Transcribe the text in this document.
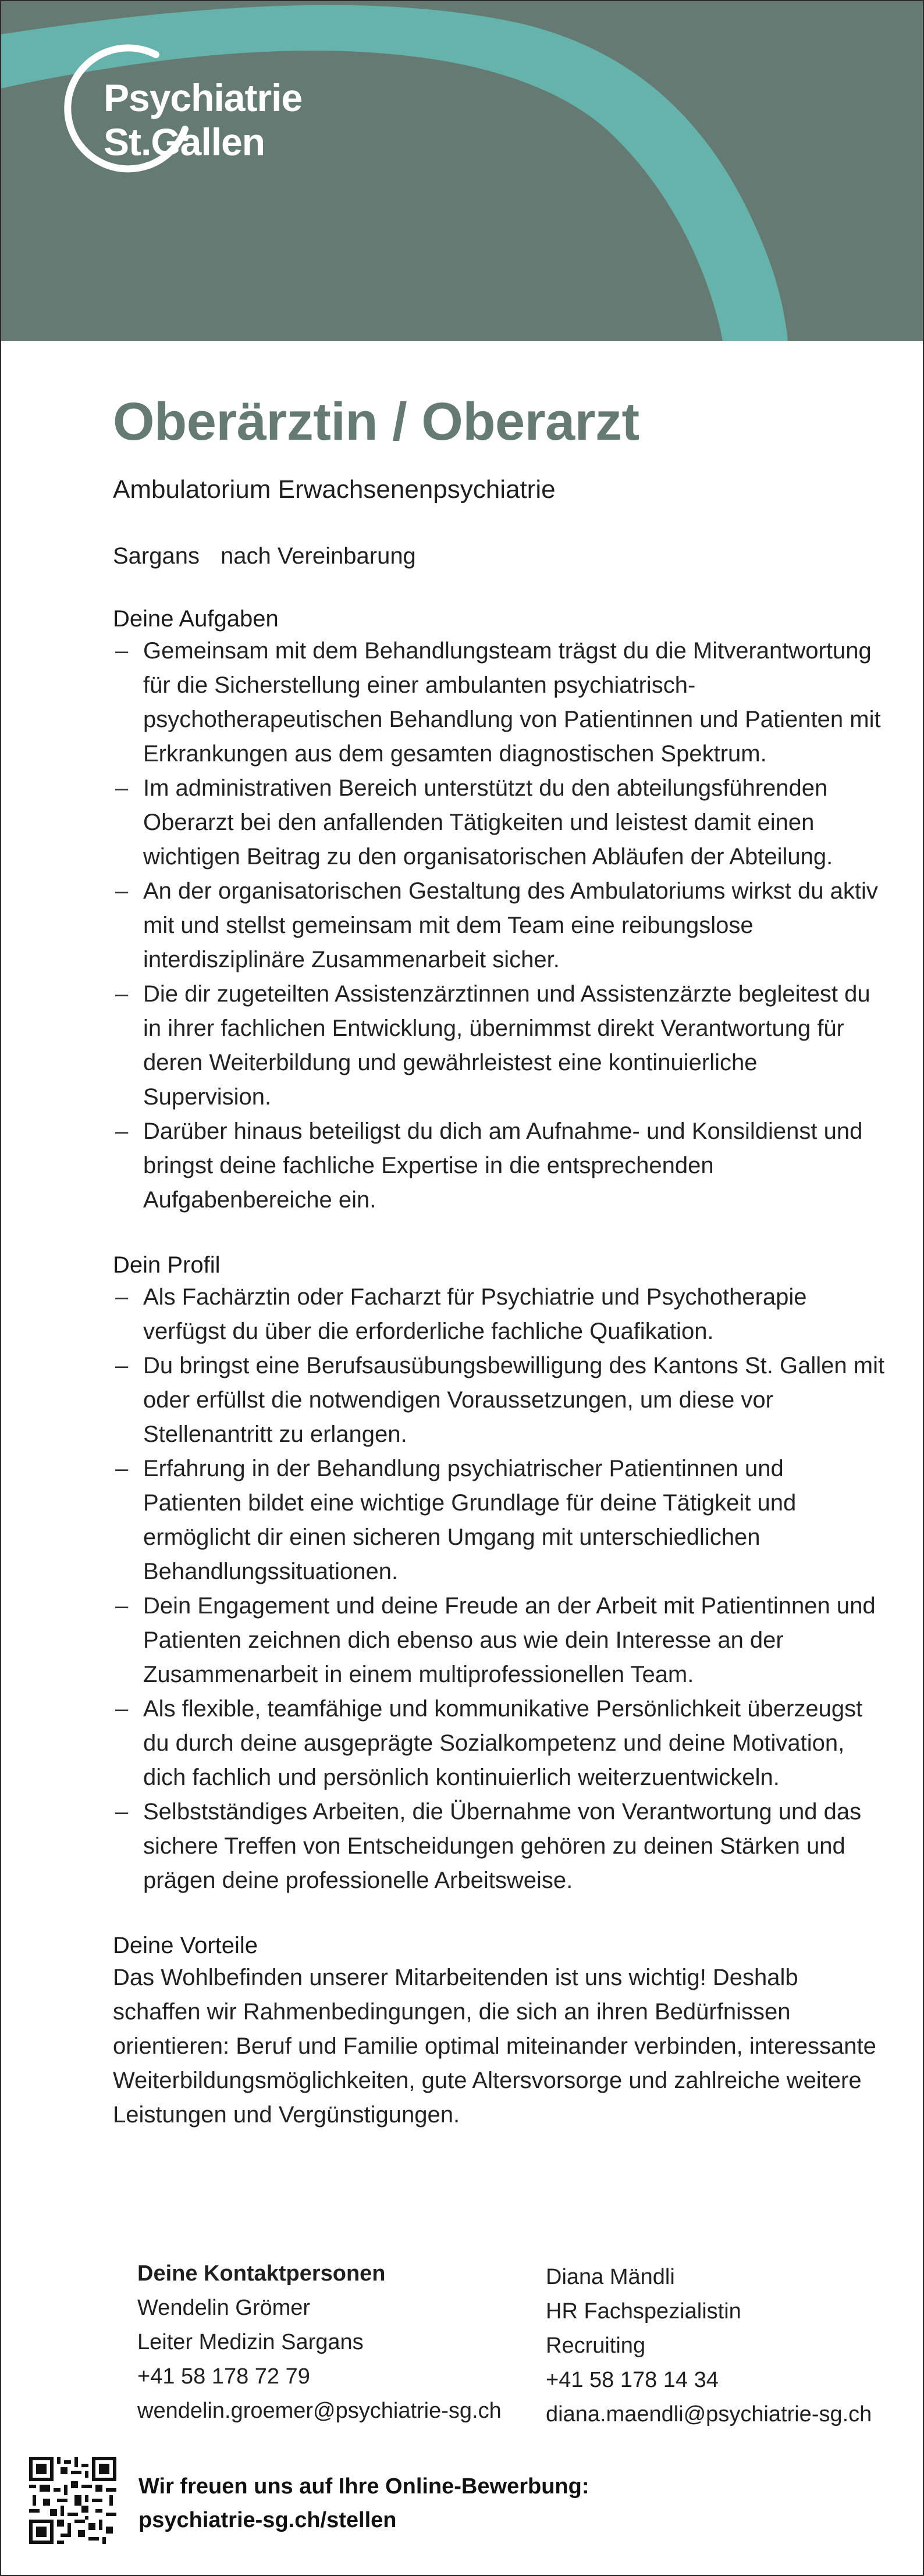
Psychiatrie
St.Gallen
Oberärztin / Oberarzt
Ambulatorium Erwachsenenpsychiatrie
Sargans nach Vereinbarung
Deine Aufgaben
– Gemeinsam mit dem Behandlungsteam trägst du die Mitverantwortung für die Sicherstellung einer ambulanten psychiatrisch-psychotherapeutischen Behandlung von Patientinnen und Patienten mit Erkrankungen aus dem gesamten diagnostischen Spektrum.
– Im administrativen Bereich unterstützt du den abteilungsführenden Oberarzt bei den anfallenden Tätigkeiten und leistest damit einen wichtigen Beitrag zu den organisatorischen Abläufen der Abteilung.
– An der organisatorischen Gestaltung des Ambulatoriums wirkst du aktiv mit und stellst gemeinsam mit dem Team eine reibungslose interdisziplinäre Zusammenarbeit sicher.
– Die dir zugeteilten Assistenzärztinnen und Assistenzärzte begleitest du in ihrer fachlichen Entwicklung, übernimmst direkt Verantwortung für deren Weiterbildung und gewährleistest eine kontinuierliche Supervision.
– Darüber hinaus beteiligst du dich am Aufnahme- und Konsildienst und bringst deine fachliche Expertise in die entsprechenden Aufgabenbereiche ein.
Dein Profil
– Als Fachärztin oder Facharzt für Psychiatrie und Psychotherapie verfügst du über die erforderliche fachliche Quafikation.
– Du bringst eine Berufsausübungsbewilligung des Kantons St. Gallen mit oder erfüllst die notwendigen Voraussetzungen, um diese vor Stellenantritt zu erlangen.
– Erfahrung in der Behandlung psychiatrischer Patientinnen und Patienten bildet eine wichtige Grundlage für deine Tätigkeit und ermöglicht dir einen sicheren Umgang mit unterschiedlichen Behandlungssituationen.
– Dein Engagement und deine Freude an der Arbeit mit Patientinnen und Patienten zeichnen dich ebenso aus wie dein Interesse an der Zusammenarbeit in einem multiprofessionellen Team.
– Als flexible, teamfähige und kommunikative Persönlichkeit überzeugst du durch deine ausgeprägte Sozialkompetenz und deine Motivation, dich fachlich und persönlich kontinuierlich weiterzuentwickeln.
– Selbstständiges Arbeiten, die Übernahme von Verantwortung und das sichere Treffen von Entscheidungen gehören zu deinen Stärken und prägen deine professionelle Arbeitsweise.
Deine Vorteile
Das Wohlbefinden unserer Mitarbeitenden ist uns wichtig! Deshalb schaffen wir Rahmenbedingungen, die sich an ihren Bedürfnissen orientieren: Beruf und Familie optimal miteinander verbinden, interessante Weiterbildungsmöglichkeiten, gute Altersvorsorge und zahlreiche weitere Leistungen und Vergünstigungen.
Deine Kontaktpersonen
Wendelin Grömer
Leiter Medizin Sargans
+41 58 178 72 79
wendelin.groemer@psychiatrie-sg.ch
Diana Mändli
HR Fachspezialistin
Recruiting
+41 58 178 14 34
diana.maendli@psychiatrie-sg.ch
Wir freuen uns auf Ihre Online-Bewerbung:
psychiatrie-sg.ch/stellen
